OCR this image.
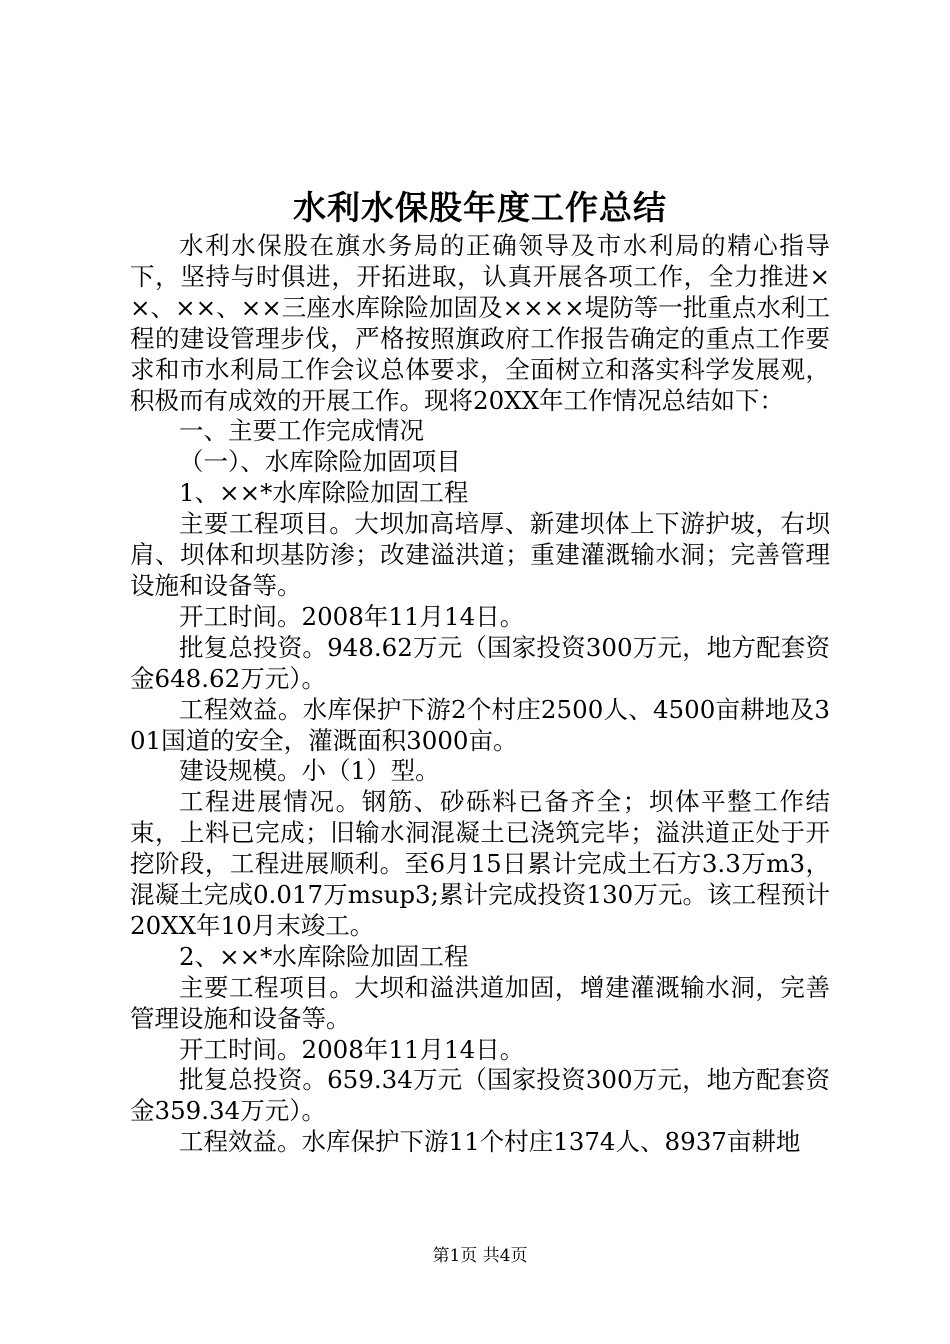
水利水保股年度工作总结

水利水保股在旗水务局的正确领导及市水利局的精心指导下，坚持与时俱进，开拓进取，认真开展各项工作，全力推进××、××、××三座水库除险加固及××××堤防等一批重点水利工程的建设管理步伐，严格按照旗政府工作报告确定的重点工作要求和市水利局工作会议总体要求，全面树立和落实科学发展观，积极而有成效的开展工作。现将20XX年工作情况总结如下：

一、主要工作完成情况

（一）、水库除险加固项目

1、××*水库除险加固工程

主要工程项目。大坝加高培厚、新建坝体上下游护坡，右坝肩、坝体和坝基防渗；改建溢洪道；重建灌溉输水洞；完善管理设施和设备等。

开工时间。2008年11月14日。

批复总投资。948.62万元（国家投资300万元，地方配套资金648.62万元）。

工程效益。水库保护下游2个村庄2500人、4500亩耕地及301国道的安全，灌溉面积3000亩。

建设规模。小（1）型。

工程进展情况。钢筋、砂砾料已备齐全；坝体平整工作结束，上料已完成；旧输水洞混凝土已浇筑完毕；溢洪道正处于开挖阶段，工程进展顺利。至6月15日累计完成土石方3.3万m3，混凝土完成0.017万msup3;累计完成投资130万元。该工程预计20XX年10月末竣工。

2、××*水库除险加固工程

主要工程项目。大坝和溢洪道加固，增建灌溉输水洞，完善管理设施和设备等。

开工时间。2008年11月14日。

批复总投资。659.34万元（国家投资300万元，地方配套资金359.34万元）。

工程效益。水库保护下游11个村庄1374人、8937亩耕地

第1页 共4页
